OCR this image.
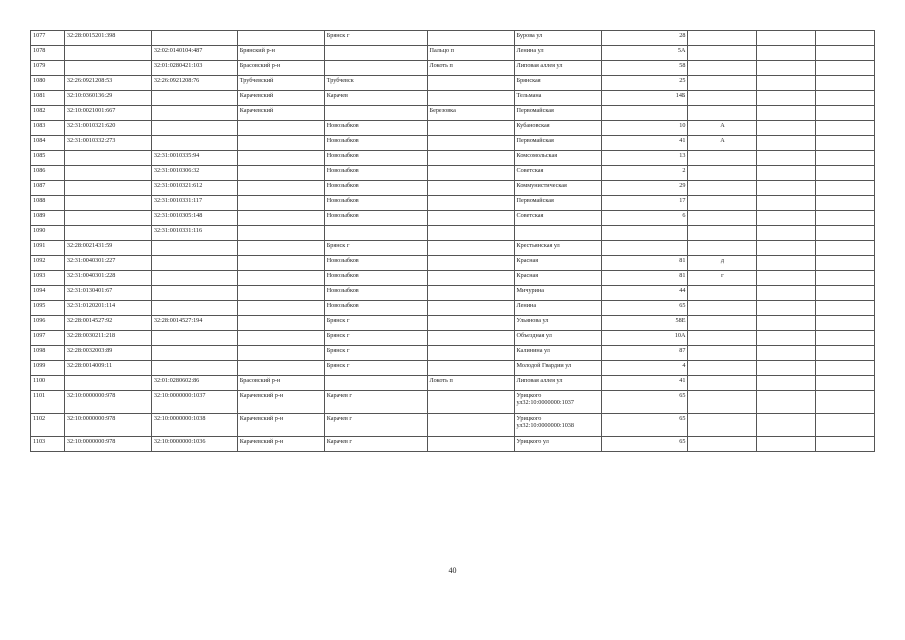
1077	32:28:0015201:398			Брянск г		Бурова ул	28			
1078		32:02:0140104:487	Брянский р-н		Пальцо п	Ленина ул	5А			
1079		32:01:0280421:103	Брасовский р-н		Локоть п	Липовая аллея ул	58			
1080	32:26:0921208:53	32:26:0921208:76	Трубчевский	Трубчевск		Брянская	25			
1081	32:10:0360136:29		Карачевский	Карачев		Тельмана	14Б			
1082	32:10:0021001:667		Карачевский		Березовка	Первомайская				
1083	32:31:0010321:620			Новозыбков		Кубановская	10	А		
1084	32:31:0010332:273			Новозыбков		Первомайская	41	А		
1085		32:31:0010335:94		Новозыбков		Комсомольская	13			
1086		32:31:0010306:32		Новозыбков		Советская	2			
1087		32:31:0010321:612		Новозыбков		Коммунистическая	29			
1088		32:31:0010331:117		Новозыбков		Первомайская	17			
1089		32:31:0010305:148		Новозыбков		Советская	6			
1090		32:31:0010331:116								
1091	32:28:0021431:59			Брянск г		Крестьянская ул				
1092	32:31:0040301:227			Новозыбков		Красная	81	д		
1093	32:31:0040301:228			Новозыбков		Красная	81	г		
1094	32:31:0130401:67			Новозыбков		Мичурина	44			
1095	32:31:0120201:114			Новозыбков		Ленина	65			
1096	32:28:0014527:92	32:28:0014527:194		Брянск г		Ульянова ул	58Е			
1097	32:28:0030211:218			Брянск г		Объездная ул	10А			
1098	32:28:0032003:89			Брянск г		Калинина ул	87			
1099	32:28:0014009:11			Брянск г		Молодой Гвардии ул	4			
1100		32:01:0280602:86	Брасовский р-н		Локоть п	Липовая аллея ул	41			
1101	32:10:0000000:978	32:10:0000000:1037	Карачевский р-н	Карачев г		Урицкого ул32:10:0000000:1037	65			
1102	32:10:0000000:978	32:10:0000000:1038	Карачевский р-н	Карачев г		Урицкого ул32:10:0000000:1038	65			
1103	32:10:0000000:978	32:10:0000000:1036	Карачевский р-н	Карачев г		Урицкого ул	65			
40
